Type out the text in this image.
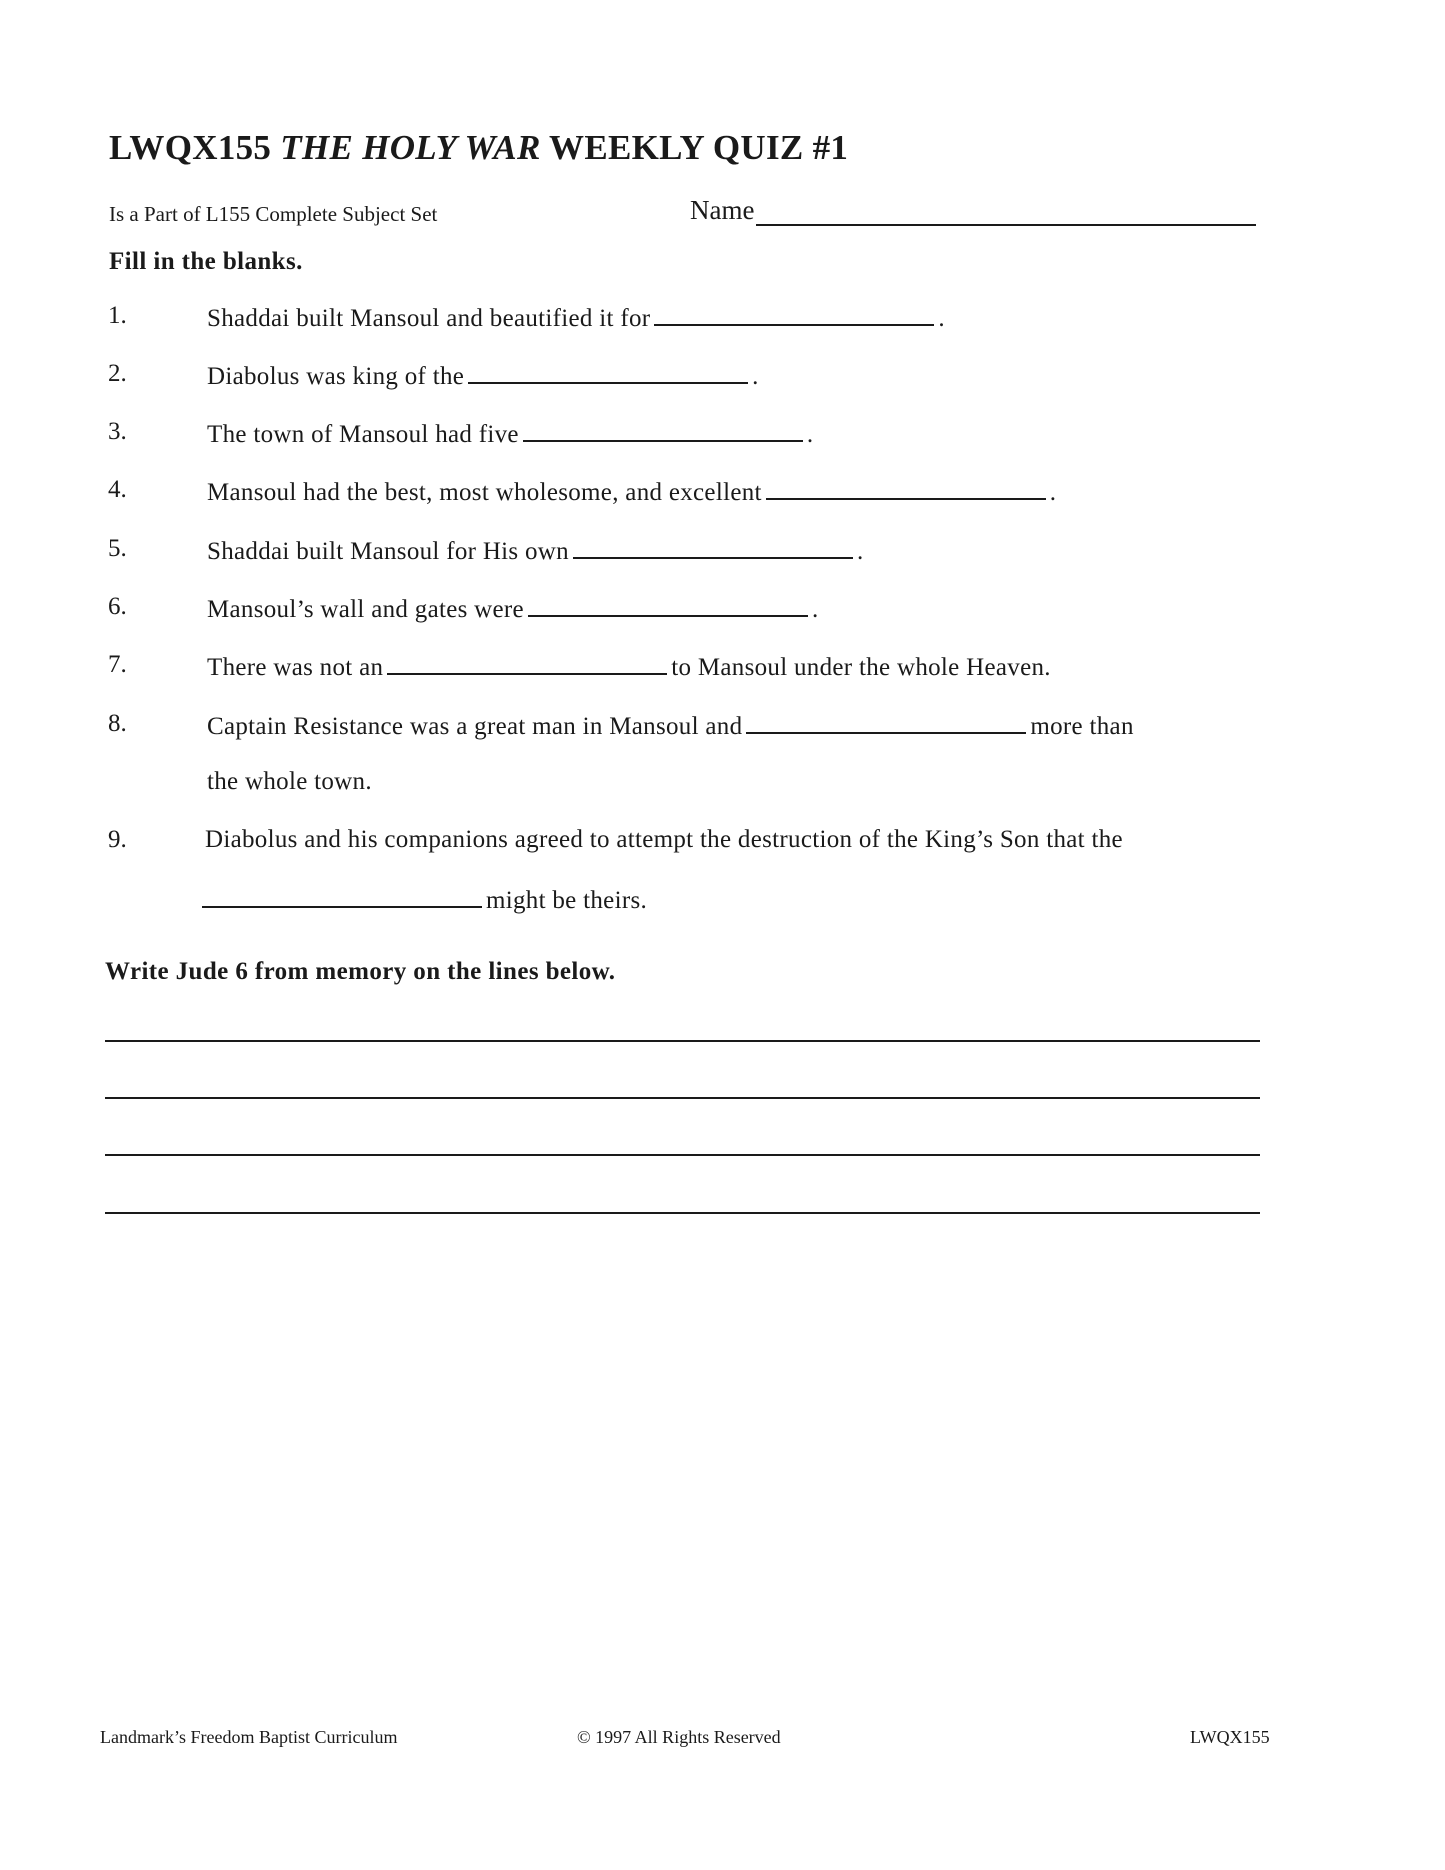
LWQX155 THE HOLY WAR WEEKLY QUIZ #1
Is a Part of L155 Complete Subject Set	Name
Fill in the blanks.
1.	Shaddai built Mansoul and beautified it for	.
2.	Diabolus was king of the	.
3.	The town of Mansoul had five	.
4.	Mansoul had the best, most wholesome, and excellent	.
5.	Shaddai built Mansoul for His own	.
6.	Mansoul’s wall and gates were	.
7.	There was not an	to Mansoul under the whole Heaven.
8.	Captain Resistance was a great man in Mansoul and	more than
the whole town.
9.	Diabolus and his companions agreed to attempt the destruction of the King’s Son that the
might be theirs.
Write Jude 6 from memory on the lines below.
Landmark’s Freedom Baptist Curriculum	© 1997 All Rights Reserved	LWQX155
